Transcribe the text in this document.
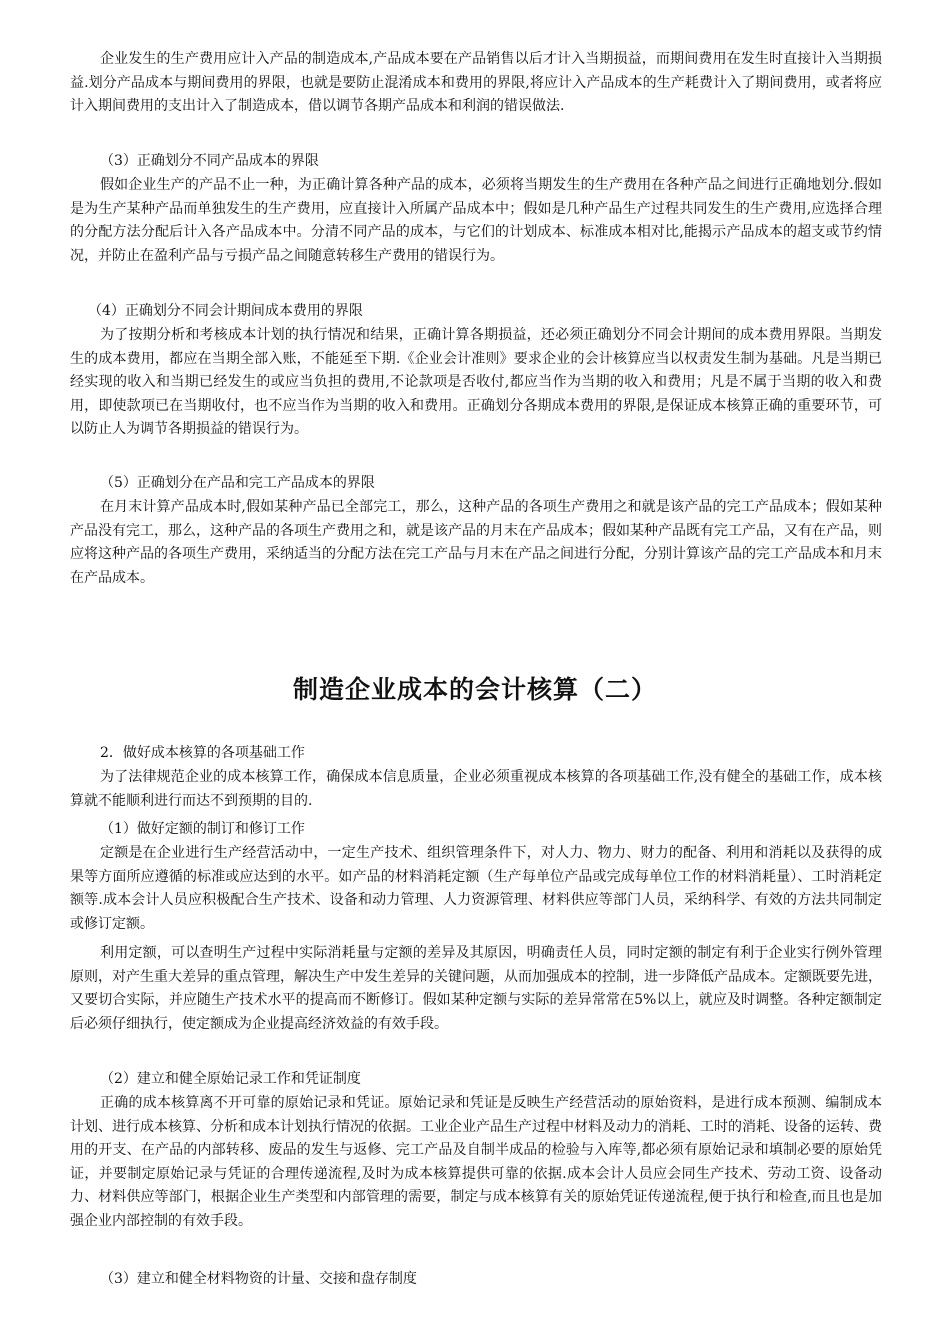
企业发生的生产费用应计入产品的制造成本,产品成本要在产品销售以后才计入当期损益，而期间费用在发生时直接计入当期损益.划分产品成本与期间费用的界限，也就是要防止混淆成本和费用的界限,将应计入产品成本的生产耗费计入了期间费用，或者将应计入期间费用的支出计入了制造成本，借以调节各期产品成本和利润的错误做法.

（3）正确划分不同产品成本的界限

假如企业生产的产品不止一种，为正确计算各种产品的成本，必须将当期发生的生产费用在各种产品之间进行正确地划分.假如是为生产某种产品而单独发生的生产费用，应直接计入所属产品成本中；假如是几种产品生产过程共同发生的生产费用,应选择合理的分配方法分配后计入各产品成本中。分清不同产品的成本，与它们的计划成本、标准成本相对比,能揭示产品成本的超支或节约情况，并防止在盈利产品与亏损产品之间随意转移生产费用的错误行为。

（4）正确划分不同会计期间成本费用的界限

为了按期分析和考核成本计划的执行情况和结果，正确计算各期损益，还必须正确划分不同会计期间的成本费用界限。当期发生的成本费用，都应在当期全部入账，不能延至下期.《企业会计准则》要求企业的会计核算应当以权责发生制为基础。凡是当期已经实现的收入和当期已经发生的或应当负担的费用,不论款项是否收付,都应当作为当期的收入和费用；凡是不属于当期的收入和费用，即使款项已在当期收付，也不应当作为当期的收入和费用。正确划分各期成本费用的界限,是保证成本核算正确的重要环节，可以防止人为调节各期损益的错误行为。

（5）正确划分在产品和完工产品成本的界限

在月末计算产品成本时,假如某种产品已全部完工，那么，这种产品的各项生产费用之和就是该产品的完工产品成本；假如某种产品没有完工，那么，这种产品的各项生产费用之和，就是该产品的月末在产品成本；假如某种产品既有完工产品，又有在产品，则应将这种产品的各项生产费用，采纳适当的分配方法在完工产品与月末在产品之间进行分配，分别计算该产品的完工产品成本和月末在产品成本。

制造企业成本的会计核算（二）

2．做好成本核算的各项基础工作

为了法律规范企业的成本核算工作，确保成本信息质量，企业必须重视成本核算的各项基础工作,没有健全的基础工作，成本核算就不能顺利进行而达不到预期的目的.

（1）做好定额的制订和修订工作

定额是在企业进行生产经营活动中，一定生产技术、组织管理条件下，对人力、物力、财力的配备、利用和消耗以及获得的成果等方面所应遵循的标准或应达到的水平。如产品的材料消耗定额（生产每单位产品或完成每单位工作的材料消耗量）、工时消耗定额等.成本会计人员应积极配合生产技术、设备和动力管理、人力资源管理、材料供应等部门人员，采纳科学、有效的方法共同制定或修订定额。

利用定额，可以查明生产过程中实际消耗量与定额的差异及其原因，明确责任人员，同时定额的制定有利于企业实行例外管理原则，对产生重大差异的重点管理，解决生产中发生差异的关键问题，从而加强成本的控制，进一步降低产品成本。定额既要先进，又要切合实际，并应随生产技术水平的提高而不断修订。假如某种定额与实际的差异常常在5%以上，就应及时调整。各种定额制定后必须仔细执行，使定额成为企业提高经济效益的有效手段。

（2）建立和健全原始记录工作和凭证制度

正确的成本核算离不开可靠的原始记录和凭证。原始记录和凭证是反映生产经营活动的原始资料，是进行成本预测、编制成本计划、进行成本核算、分析和成本计划执行情况的依据。工业企业产品生产过程中材料及动力的消耗、工时的消耗、设备的运转、费用的开支、在产品的内部转移、废品的发生与返修、完工产品及自制半成品的检验与入库等,都必须有原始记录和填制必要的原始凭证，并要制定原始记录与凭证的合理传递流程,及时为成本核算提供可靠的依据.成本会计人员应会同生产技术、劳动工资、设备动力、材料供应等部门，根据企业生产类型和内部管理的需要，制定与成本核算有关的原始凭证传递流程,便于执行和检查,而且也是加强企业内部控制的有效手段。

（3）建立和健全材料物资的计量、交接和盘存制度
